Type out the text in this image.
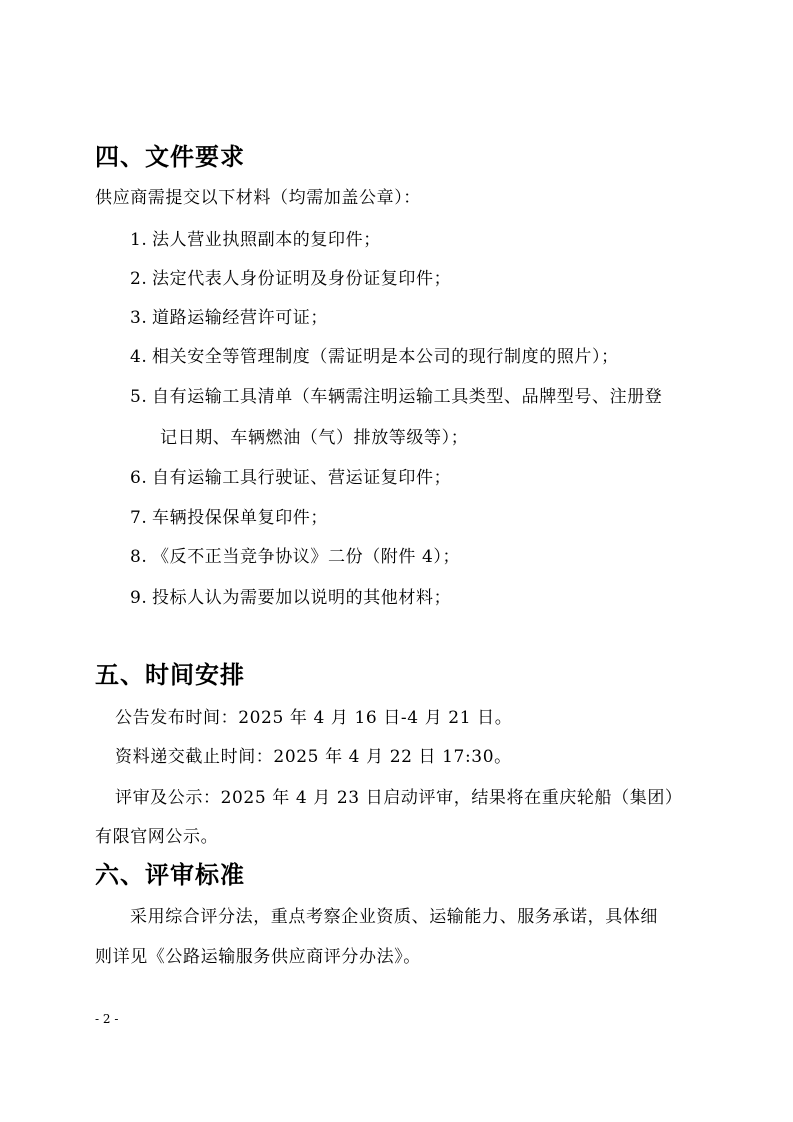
四、文件要求
供应商需提交以下材料（均需加盖公章）：
1. 法人营业执照副本的复印件；
2. 法定代表人身份证明及身份证复印件；
3. 道路运输经营许可证；
4. 相关安全等管理制度（需证明是本公司的现行制度的照片）；
5. 自有运输工具清单（车辆需注明运输工具类型、品牌型号、注册登
记日期、车辆燃油（气）排放等级等）；
6. 自有运输工具行驶证、营运证复印件；
7. 车辆投保保单复印件；
8. 《反不正当竞争协议》二份（附件 4）；
9. 投标人认为需要加以说明的其他材料；
五、时间安排
公告发布时间：2025 年 4 月 16 日-4 月 21 日。
资料递交截止时间：2025 年 4 月 22 日 17:30。
评审及公示：2025 年 4 月 23 日启动评审，结果将在重庆轮船（集团）
有限官网公示。
六、评审标准
采用综合评分法，重点考察企业资质、运输能力、服务承诺，具体细
则详见《公路运输服务供应商评分办法》。
- 2 -
